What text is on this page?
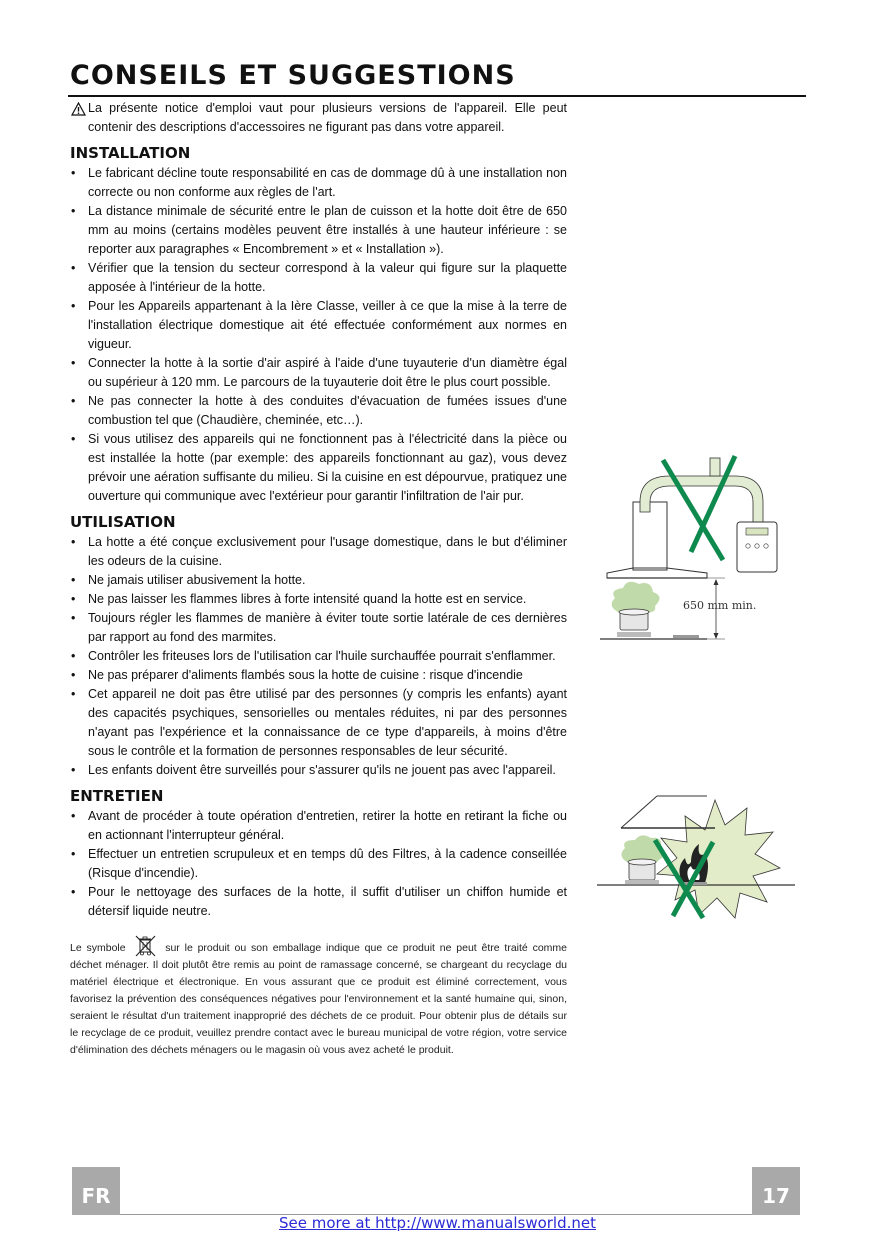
CONSEILS ET SUGGESTIONS
La présente notice d'emploi vaut pour plusieurs versions de l'appareil. Elle peut contenir des descriptions d'accessoires ne figurant pas dans votre appareil.
INSTALLATION
• Le fabricant décline toute responsabilité en cas de dommage dû à une installation non correcte ou non conforme aux règles de l'art.
• La distance minimale de sécurité entre le plan de cuisson et la hotte doit être de 650 mm au moins (certains modèles peuvent être installés à une hauteur inférieure : se reporter aux paragraphes « Encombrement » et « Installation »).
• Vérifier que la tension du secteur correspond à la valeur qui figure sur la plaquette apposée à l'intérieur de la hotte.
• Pour les Appareils appartenant à la Ière Classe, veiller à ce que la mise à la terre de l'installation électrique domestique ait été effectuée conformément aux normes en vigueur.
• Connecter la hotte à la sortie d'air aspiré à l'aide d'une tuyauterie d'un diamètre égal ou supérieur à 120 mm. Le parcours de la tuyauterie doit être le plus court possible.
• Ne pas connecter la hotte à des conduites d'évacuation de fumées issues d'une combustion tel que (Chaudière, cheminée, etc…).
• Si vous utilisez des appareils qui ne fonctionnent pas à l'électricité dans la pièce ou est installée la hotte (par exemple: des appareils fonctionnant au gaz), vous devez prévoir une aération suffisante du milieu. Si la cuisine en est dépourvue, pratiquez une ouverture qui communique avec l'extérieur pour garantir l'infiltration de l'air pur.
UTILISATION
• La hotte a été conçue exclusivement pour l'usage domestique, dans le but d'éliminer les odeurs de la cuisine.
• Ne jamais utiliser abusivement la hotte.
• Ne pas laisser les flammes libres à forte intensité quand la hotte est en service.
• Toujours régler les flammes de manière à éviter toute sortie latérale de ces dernières par rapport au fond des marmites.
• Contrôler les friteuses lors de l'utilisation car l'huile surchauffée pourrait s'enflammer.
• Ne pas préparer d'aliments flambés sous la hotte de cuisine : risque d'incendie
• Cet appareil ne doit pas être utilisé par des personnes (y compris les enfants) ayant des capacités psychiques, sensorielles ou mentales réduites, ni par des personnes n'ayant pas l'expérience et la connaissance de ce type d'appareils, à moins d'être sous le contrôle et la formation de personnes responsables de leur sécurité.
• Les enfants doivent être surveillés pour s'assurer qu'ils ne jouent pas avec l'appareil.
ENTRETIEN
• Avant de procéder à toute opération d'entretien, retirer la hotte en retirant la fiche ou en actionnant l'interrupteur général.
• Effectuer un entretien scrupuleux et en temps dû des Filtres, à la cadence conseillée (Risque d'incendie).
• Pour le nettoyage des surfaces de la hotte, il suffit d'utiliser un chiffon humide et détersif liquide neutre.
Le symbole	sur le produit ou son emballage indique que ce produit ne peut être traité comme déchet ménager. Il doit plutôt être remis au point de ramassage concerné, se chargeant du recyclage du matériel électrique et électronique. En vous assurant que ce produit est éliminé correctement, vous favorisez la prévention des conséquences négatives pour l'environnement et la santé humaine qui, sinon, seraient le résultat d'un traitement inapproprié des déchets de ce produit. Pour obtenir plus de détails sur le recyclage de ce produit, veuillez prendre contact avec le bureau municipal de votre région, votre service d'élimination des déchets ménagers ou le magasin où vous avez acheté le produit.
650 mm min.
FR	17
See more at http://www.manualsworld.net
